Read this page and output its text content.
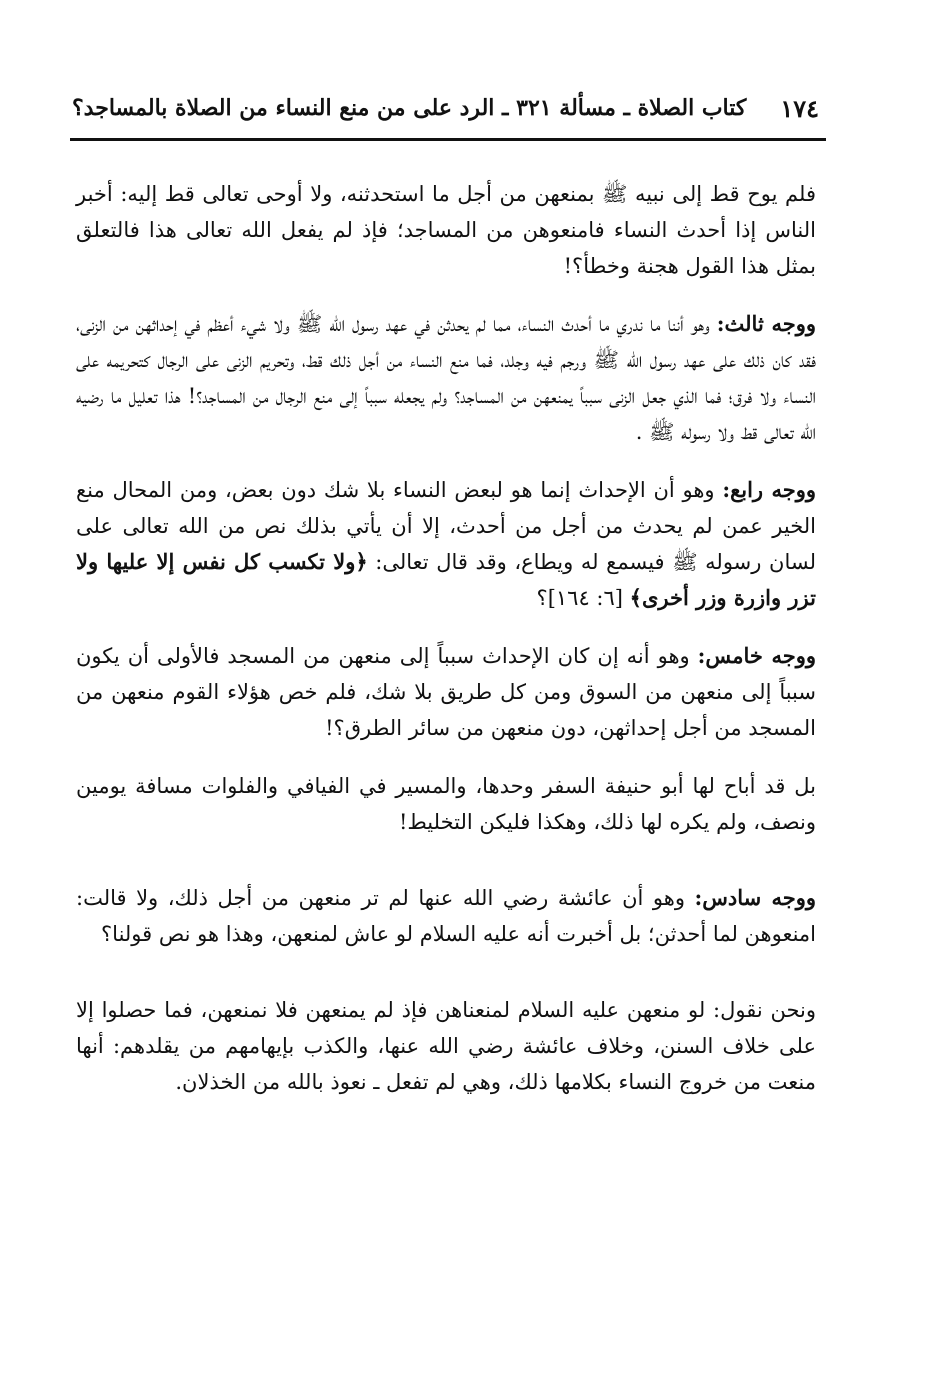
١٧٤
كتاب الصلاة ـ مسألة ٣٢١ ـ الرد على من منع النساء من الصلاة بالمساجد؟

فلم يوح قط إلى نبيه ﷺ بمنعهن من أجل ما استحدثنه، ولا أوحى تعالى قط إليه: أخبر الناس إذا أحدث النساء فامنعوهن من المساجد؛ فإذ لم يفعل الله تعالى هذا فالتعلق بمثل هذا القول هجنة وخطأ؟!

ووجه ثالث: وهو أننا ما ندري ما أحدث النساء، مما لم يحدثن في عهد رسول الله ﷺ ولا شيء أعظم في إحداثهن من الزنى، فقد كان ذلك على عهد رسول الله ﷺ ورجم فيه وجلد، فما منع النساء من أجل ذلك قط، وتحريم الزنى على الرجال كتحريمه على النساء ولا فرق؛ فما الذي جعل الزنى سبباً يمنعهن من المساجد؟ ولم يجعله سبباً إلى منع الرجال من المساجد؟! هذا تعليل ما رضيه الله تعالى قط ولا رسوله ﷺ .

ووجه رابع: وهو أن الإحداث إنما هو لبعض النساء بلا شك دون بعض، ومن المحال منع الخير عمن لم يحدث من أجل من أحدث، إلا أن يأتي بذلك نص من الله تعالى على لسان رسوله ﷺ فيسمع له ويطاع، وقد قال تعالى: ﴿ولا تكسب كل نفس إلا عليها ولا تزر وازرة وزر أخرى﴾ [٦: ١٦٤]؟

ووجه خامس: وهو أنه إن كان الإحداث سبباً إلى منعهن من المسجد فالأولى أن يكون سبباً إلى منعهن من السوق ومن كل طريق بلا شك، فلم خص هؤلاء القوم منعهن من المسجد من أجل إحداثهن، دون منعهن من سائر الطرق؟!

بل قد أباح لها أبو حنيفة السفر وحدها، والمسير في الفيافي والفلوات مسافة يومين ونصف، ولم يكره لها ذلك، وهكذا فليكن التخليط!

ووجه سادس: وهو أن عائشة رضي الله عنها لم تر منعهن من أجل ذلك، ولا قالت: امنعوهن لما أحدثن؛ بل أخبرت أنه عليه السلام لو عاش لمنعهن، وهذا هو نص قولنا؟

ونحن نقول: لو منعهن عليه السلام لمنعناهن فإذ لم يمنعهن فلا نمنعهن، فما حصلوا إلا على خلاف السنن، وخلاف عائشة رضي الله عنها، والكذب بإيهامهم من يقلدهم: أنها منعت من خروج النساء بكلامها ذلك، وهي لم تفعل ـ نعوذ بالله من الخذلان.
